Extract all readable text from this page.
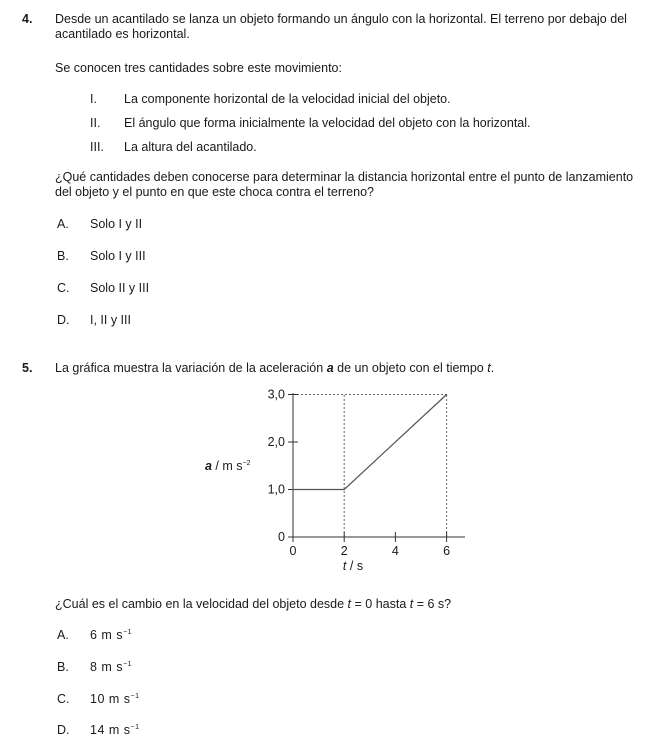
4. Desde un acantilado se lanza un objeto formando un ángulo con la horizontal. El terreno por debajo del acantilado es horizontal.
Se conocen tres cantidades sobre este movimiento:
I. La componente horizontal de la velocidad inicial del objeto.
II. El ángulo que forma inicialmente la velocidad del objeto con la horizontal.
III. La altura del acantilado.
¿Qué cantidades deben conocerse para determinar la distancia horizontal entre el punto de lanzamiento del objeto y el punto en que este choca contra el terreno?
A. Solo I y II
B. Solo I y III
C. Solo II y III
D. I, II y III
5. La gráfica muestra la variación de la aceleración a de un objeto con el tiempo t.
0
1,0
2,0
3,0
0	2	4	6
a / m $s^{-2}$
t / s
¿Cuál es el cambio en la velocidad del objeto desde t = 0 hasta t = 6 s?
A. 6 m $s^{-1}$
B. 8 m $s^{-1}$
C. 10 m $s^{-1}$
D. 14 m $s^{-1}$
